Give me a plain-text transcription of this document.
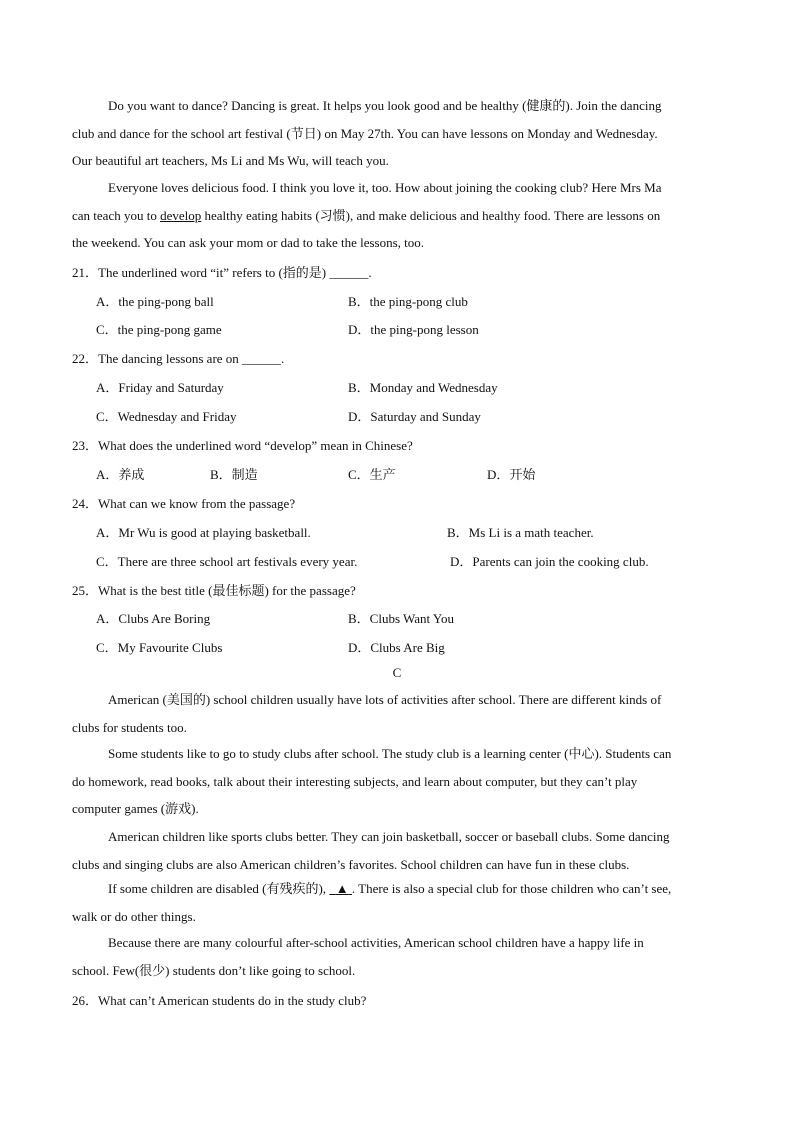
Do you want to dance? Dancing is great. It helps you look good and be healthy (健康的). Join the dancing
club and dance for the school art festival (节日) on May 27th. You can have lessons on Monday and Wednesday.
Our beautiful art teachers, Ms Li and Ms Wu, will teach you.
Everyone loves delicious food. I think you love it, too. How about joining the cooking club? Here Mrs Ma
can teach you to develop healthy eating habits (习惯), and make delicious and healthy food. There are lessons on
the weekend. You can ask your mom or dad to take the lessons, too.
21．The underlined word “it” refers to (指的是) ______.
A．the ping-pong ball	B．the ping-pong club
C．the ping-pong game	D．the ping-pong lesson
22．The dancing lessons are on ______.
A．Friday and Saturday	B．Monday and Wednesday
C．Wednesday and Friday	D．Saturday and Sunday
23．What does the underlined word “develop” mean in Chinese?
A．养成	B．制造	C．生产	D．开始
24．What can we know from the passage?
A．Mr Wu is good at playing basketball.	B．Ms Li is a math teacher.
C．There are three school art festivals every year.	D．Parents can join the cooking club.
25．What is the best title (最佳标题) for the passage?
A．Clubs Are Boring	B．Clubs Want You
C．My Favourite Clubs	D．Clubs Are Big
C
American (美国的) school children usually have lots of activities after school. There are different kinds of
clubs for students too.
Some students like to go to study clubs after school. The study club is a learning center (中心). Students can
do homework, read books, talk about their interesting subjects, and learn about computer, but they can’t play
computer games (游戏).
American children like sports clubs better. They can join basketball, soccer or baseball clubs. Some dancing
clubs and singing clubs are also American children’s favorites. School children can have fun in these clubs.
If some children are disabled (有残疾的),   ▲ . There is also a special club for those children who can’t see,
walk or do other things.
Because there are many colourful after-school activities, American school children have a happy life in
school. Few(很少) students don’t like going to school.
26．What can’t American students do in the study club?
